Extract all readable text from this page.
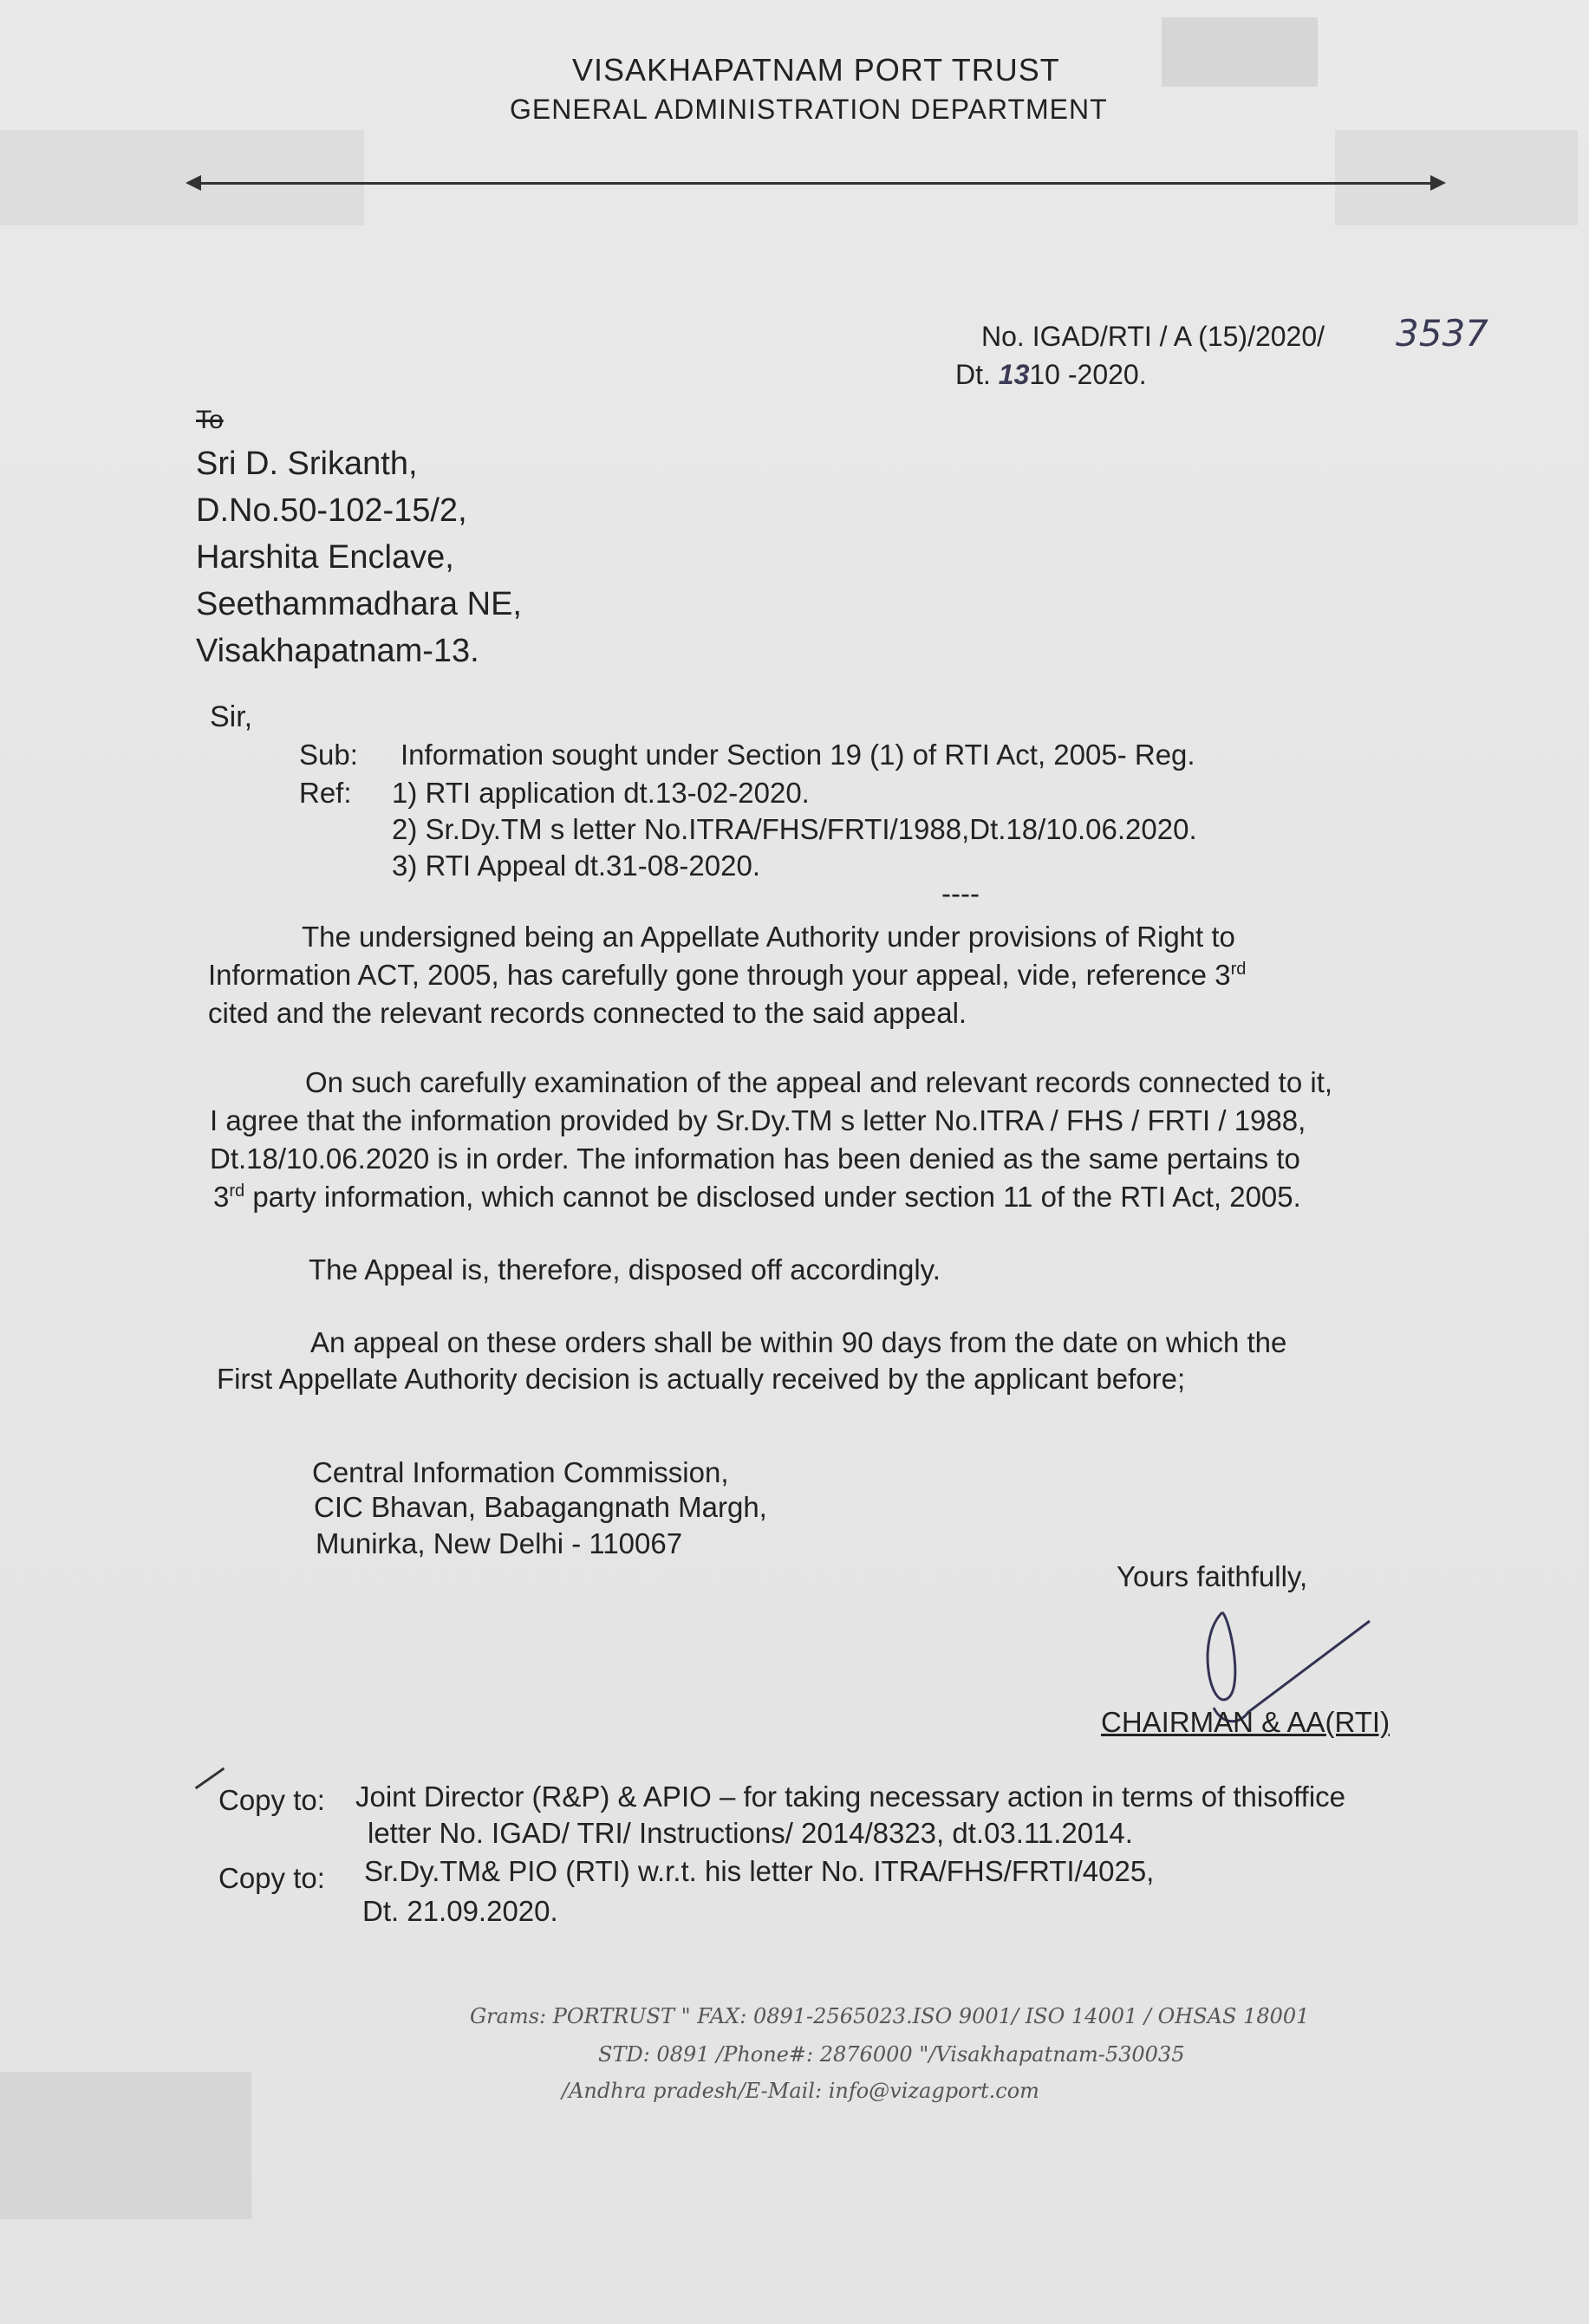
VISAKHAPATNAM PORT TRUST
GENERAL ADMINISTRATION DEPARTMENT
No. IGAD/RTI / A (15)/2020/ 3537
Dt. 1310 -2020.
To
Sri D. Srikanth,
D.No.50-102-15/2,
Harshita Enclave,
Seethammadhara NE,
Visakhapatnam-13.
Sir,
Sub: Information sought under Section 19 (1) of RTI Act, 2005- Reg.
Ref: 1) RTI application dt.13-02-2020.
2) Sr.Dy.TM s letter No.ITRA/FHS/FRTI/1988,Dt.18/10.06.2020.
3) RTI Appeal dt.31-08-2020.
----
The undersigned being an Appellate Authority under provisions of Right to
Information ACT, 2005, has carefully gone through your appeal, vide, reference 3rd
cited and the relevant records connected to the said appeal.
On such carefully examination of the appeal and relevant records connected to it,
I agree that the information provided by Sr.Dy.TM s letter No.ITRA / FHS / FRTI / 1988,
Dt.18/10.06.2020 is in order. The information has been denied as the same pertains to
3rd party information, which cannot be disclosed under section 11 of the RTI Act, 2005.
The Appeal is, therefore, disposed off accordingly.
An appeal on these orders shall be within 90 days from the date on which the
First Appellate Authority decision is actually received by the applicant before;
Central Information Commission,
CIC Bhavan, Babagangnath Margh,
Munirka, New Delhi - 110067
Yours faithfully,
CHAIRMAN & AA(RTI)
Copy to: Joint Director (R&P) & APIO – for taking necessary action in terms of thisoffice
letter No. IGAD/ TRI/ Instructions/ 2014/8323, dt.03.11.2014.
Copy to: Sr.Dy.TM& PIO (RTI) w.r.t. his letter No. ITRA/FHS/FRTI/4025,
Dt. 21.09.2020.
Grams: PORTRUST " FAX: 0891-2565023.ISO 9001/ ISO 14001 / OHSAS 18001
STD: 0891 /Phone#: 2876000 "/Visakhapatnam-530035
/Andhra pradesh/E-Mail: info@vizagport.com
